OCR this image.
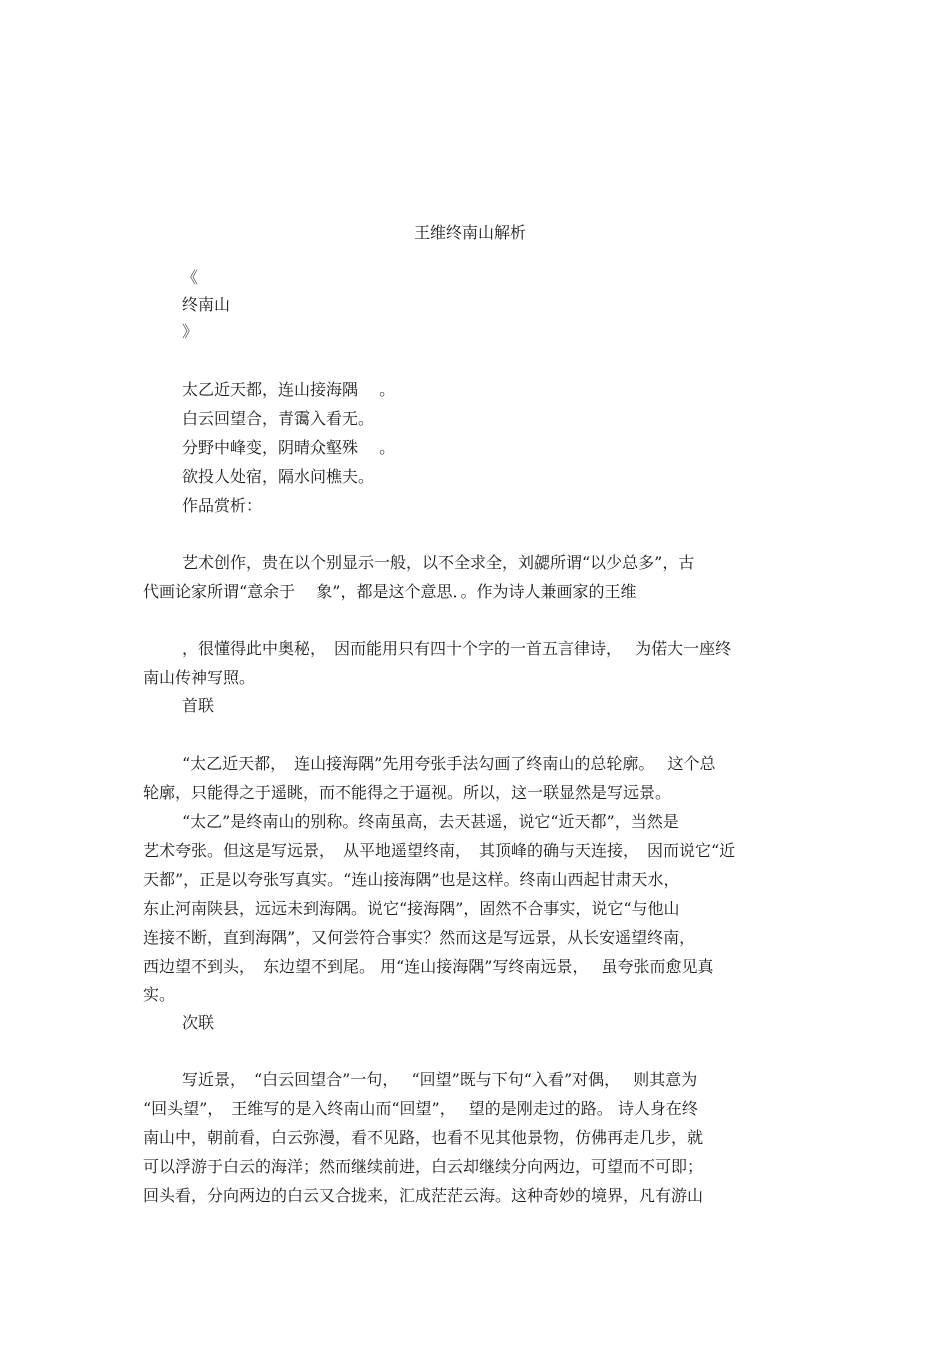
王维终南山解析
《
终南山
》
太乙近天都，连山接海隅　 。
白云回望合，青霭入看无。
分野中峰变，阴晴众壑殊　 。
欲投人处宿，隔水问樵夫。
作品赏析：
艺术创作，贵在以个别显示一般，以不全求全，刘勰所谓“以少总多”，古
代画论家所谓“意余于　 象”，都是这个意思．。作为诗人兼画家的王维
，很懂得此中奥秘，　因而能用只有四十个字的一首五言律诗，　 为偌大一座终
南山传神写照。
首联
“太乙近天都，　连山接海隅”先用夸张手法勾画了终南山的总轮廓。　 这个总
轮廓，只能得之于遥眺，而不能得之于逼视。所以，这一联显然是写远景。
“太乙”是终南山的别称。终南虽高，去天甚遥，说它“近天都”，当然是
艺术夸张。但这是写远景，　从平地遥望终南，　其顶峰的确与天连接，　因而说它“近
天都”，正是以夸张写真实。“连山接海隅”也是这样。终南山西起甘肃天水，
东止河南陕县，远远未到海隅。说它“接海隅”，固然不合事实，说它“与他山
连接不断，直到海隅”，又何尝符合事实？然而这是写远景，从长安遥望终南，
西边望不到头，　东边望不到尾。 用“连山接海隅”写终南远景，　 虽夸张而愈见真
实。
次联
写近景，　“白云回望合”一句，　 “回望”既与下句“入看”对偶，　 则其意为
“回头望”，　王维写的是入终南山而“回望”，　 望的是刚走过的路。 诗人身在终
南山中，朝前看，白云弥漫，看不见路，也看不见其他景物，仿佛再走几步，就
可以浮游于白云的海洋；然而继续前进，白云却继续分向两边，可望而不可即；
回头看，分向两边的白云又合拢来，汇成茫茫云海。这种奇妙的境界，凡有游山
